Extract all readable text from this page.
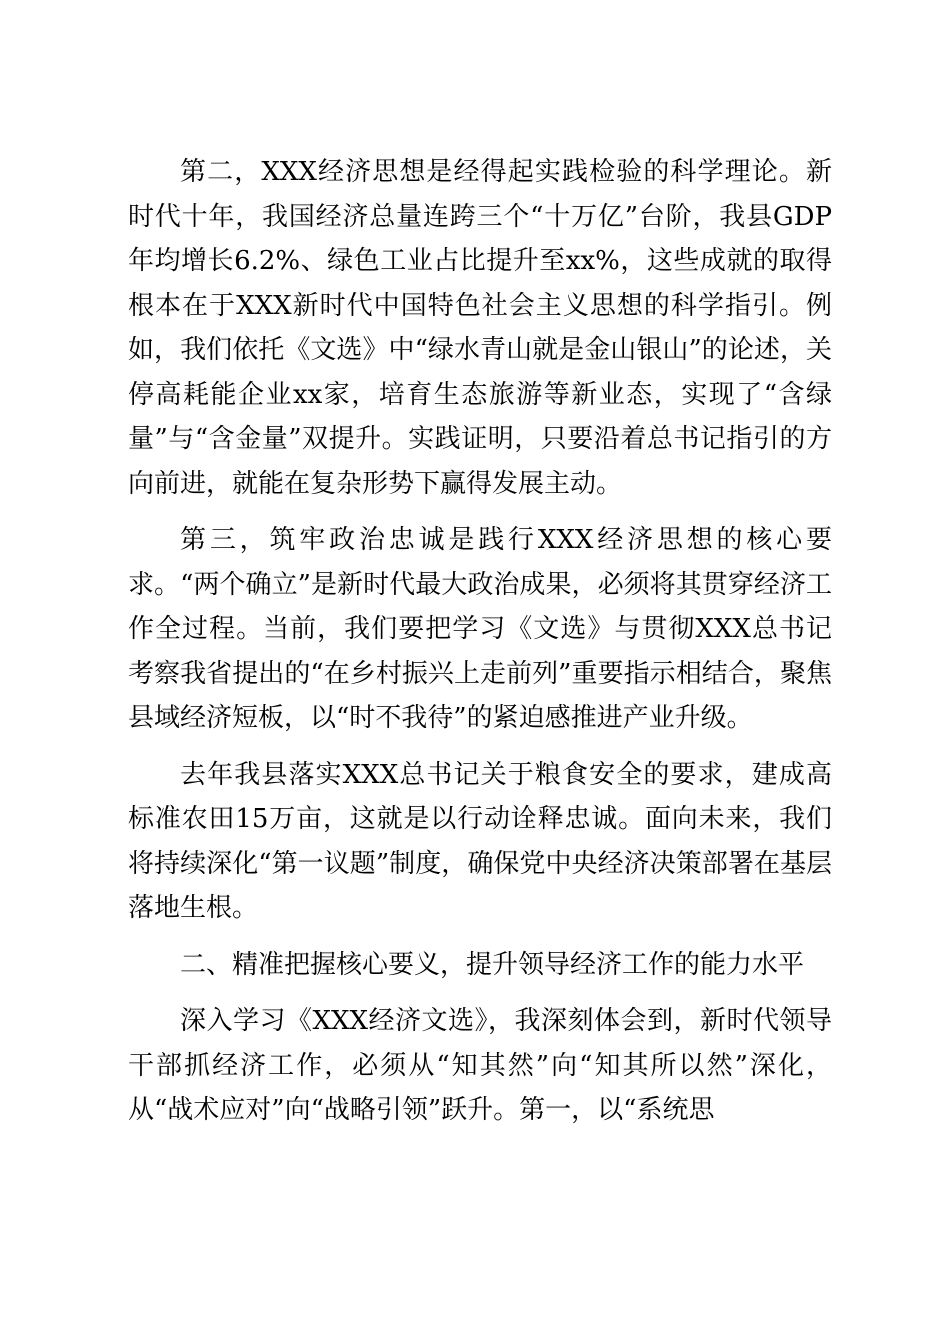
第二，XXX经济思想是经得起实践检验的科学理论。新时代十年，我国经济总量连跨三个“十万亿”台阶，我县GDP年均增长6.2%、绿色工业占比提升至xx%，这些成就的取得根本在于XXX新时代中国特色社会主义思想的科学指引。例如，我们依托《文选》中“绿水青山就是金山银山”的论述，关停高耗能企业xx家，培育生态旅游等新业态，实现了“含绿量”与“含金量”双提升。实践证明，只要沿着总书记指引的方向前进，就能在复杂形势下赢得发展主动。

第三，筑牢政治忠诚是践行XXX经济思想的核心要求。“两个确立”是新时代最大政治成果，必须将其贯穿经济工作全过程。当前，我们要把学习《文选》与贯彻XXX总书记考察我省提出的“在乡村振兴上走前列”重要指示相结合，聚焦县域经济短板，以“时不我待”的紧迫感推进产业升级。

去年我县落实XXX总书记关于粮食安全的要求，建成高标准农田15万亩，这就是以行动诠释忠诚。面向未来，我们将持续深化“第一议题”制度，确保党中央经济决策部署在基层落地生根。

二、精准把握核心要义，提升领导经济工作的能力水平

深入学习《XXX经济文选》，我深刻体会到，新时代领导干部抓经济工作，必须从“知其然”向“知其所以然”深化，从“战术应对”向“战略引领”跃升。第一，以“系统思
